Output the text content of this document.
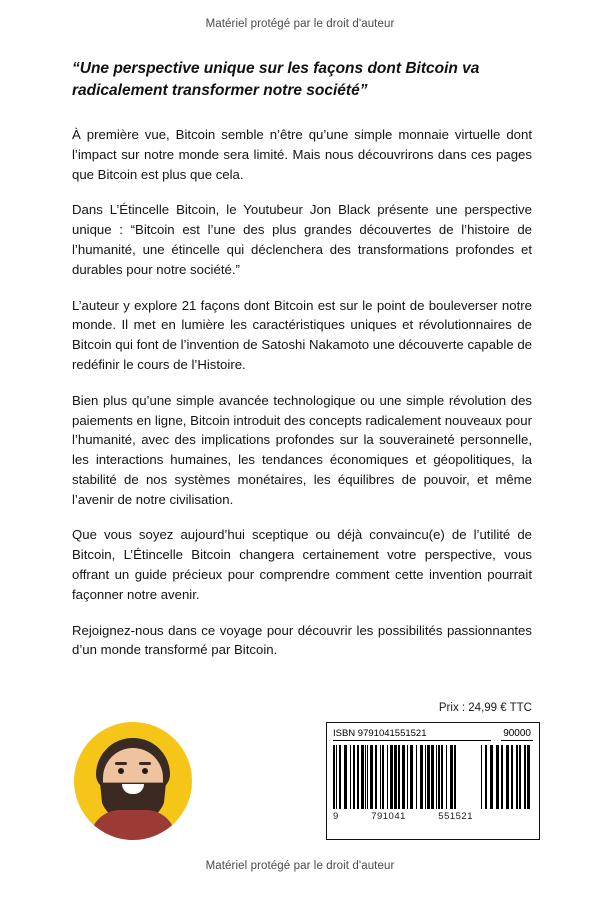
Matériel protégé par le droit d'auteur

“Une perspective unique sur les façons dont Bitcoin va radicalement transformer notre société”

À première vue, Bitcoin semble n’être qu’une simple monnaie virtuelle dont l’impact sur notre monde sera limité. Mais nous découvrirons dans ces pages que Bitcoin est plus que cela.

Dans L’Étincelle Bitcoin, le Youtubeur Jon Black présente une perspective unique : “Bitcoin est l’une des plus grandes découvertes de l’histoire de l’humanité, une étincelle qui déclenchera des transformations profondes et durables pour notre société.”

L’auteur y explore 21 façons dont Bitcoin est sur le point de bouleverser notre monde. Il met en lumière les caractéristiques uniques et révolutionnaires de Bitcoin qui font de l’invention de Satoshi Nakamoto une découverte capable de redéfinir le cours de l’Histoire.

Bien plus qu’une simple avancée technologique ou une simple révolution des paiements en ligne, Bitcoin introduit des concepts radicalement nouveaux pour l’humanité, avec des implications profondes sur la souveraineté personnelle, les interactions humaines, les tendances économiques et géopolitiques, la stabilité de nos systèmes monétaires, les équilibres de pouvoir, et même l’avenir de notre civilisation.

Que vous soyez aujourd’hui sceptique ou déjà convaincu(e) de l’utilité de Bitcoin, L’Étincelle Bitcoin changera certainement votre perspective, vous offrant un guide précieux pour comprendre comment cette invention pourrait façonner notre avenir.

Rejoignez-nous dans ce voyage pour découvrir les possibilités passionnantes d’un monde transformé par Bitcoin.

Prix : 24,99 € TTC
ISBN 9791041551521	90000
9	791041	551521
Matériel protégé par le droit d'auteur
